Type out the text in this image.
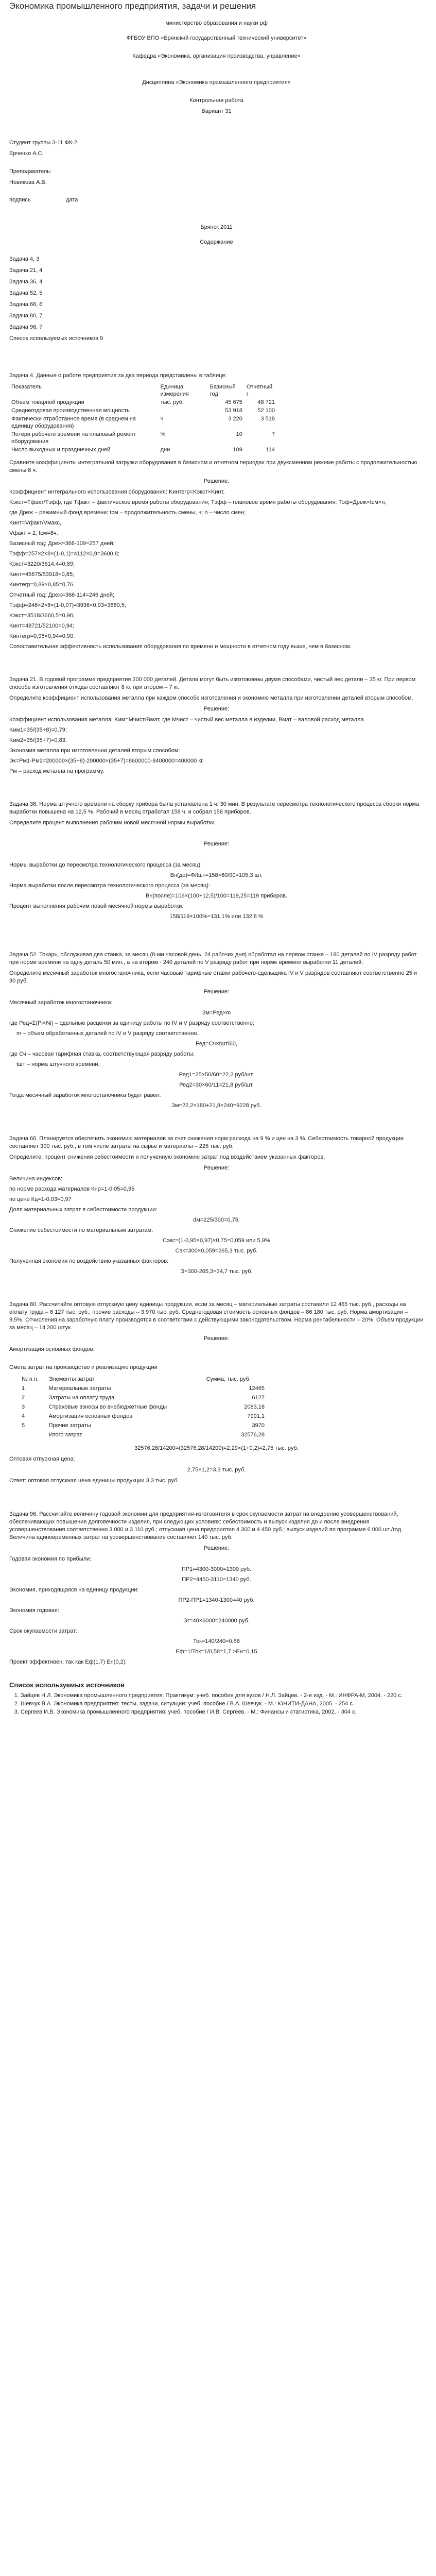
Экономика промышленного предприятия, задачи и решения

министерство образования и науки рф

ФГБОУ ВПО «Брянский государственный технический университет»

Кафедра «Экономика, организация производства, управление»

Дисциплина «Экономика промышленного предприятия»

Контрольная работа

Вариант 31

Студент группы 3-11 ФК-2

Ерченко А.С.

Преподаватель:

Новикова А.В.

подпись	дата

Брянск 2011

Содержание

Задача 4, 3
Задача 21, 4
Задача 36, 4
Задача 52, 5
Задача 66, 6
Задача 80, 7
Задача 96, 7
Список используемых источников 9

Задача 4. Данные о работе предприятия за два периода представлены в таблице:

Показатель	Единица измерения	Базисный год	Отчетный г
Объем товарной продукции	тыс. руб.	45 675	48 721
Среднегодовая производственная мощность		53 918	52 100
Фактически отработанное время (в среднем на единицу оборудования)	ч	3 220	3 518
Потери рабочего времени на плановый ремонт оборудования	%	10	7
Число выходных и праздничных дней	дни	109	114

Сравните коэффициенты интегральной загрузки оборудования в базисном и отчетном периодах при двухсменном режиме работы с продолжительностью смены 8 ч.

Решение:

Коэффициент интегрального использования оборудования: Kинтегр=Kэкст×Kинт,

Kэкст=Тфакт/Тэфф, где Тфакт – фактическое время работы оборудования; Тэфф – плановое время работы оборудования; Тэф=Дреж×tсм×n,

где Дреж – режимный фонд времени; tсм – продолжительность смены, ч; n – число смен;

Kинт=Vфакт/Vмакс,

Vфакт = 2, tсм=8ч.

Базисный год: Дреж=366-109=257 дней;

Тэфф=257×2×8×(1-0,1)=4112×0,9=3600,8;

Kэкст=3220/3614,4=0,89;

Kинт=45675/53918=0,85;

Kинтегр=0,89×0,85=0,76.

Отчетный год: Дреж=366-114=246 дней;

Тэфф=246×2×8×(1-0,07)=3936×0,93=3660,5;

Kэкст=3518/3660,5=0,96;

Kинт=48721/52100=0,94;

Kинтегр=0,96×0,94=0,90.

Сопоставительная эффективность использования оборудования по времени и мощности в отчетном году выше, чем в базисном.

Задача 21. В годовой программе предприятия 200 000 деталей. Детали могут быть изготовлены двумя способами, чистый вес детали – 35 кг. При первом способе изготовления отходы составляют 8 кг, при втором – 7 кг.

Определите коэффициент использования металла при каждом способе изготовления и экономию металла при изготовлении деталей вторым способом.

Решение:

Коэффициент использования металла: Kим=Mчист/Bмат, где Mчист – чистый вес металла в изделии, Bмат – валовой расход металла.

Kим1=35/(35+8)=0,79;

Kим2=35/(35+7)=0,83.

Экономия металла при изготовлении деталей вторым способом:

Эк=Рм1-Рм2=200000×(35+8)-200000×(35+7)=8600000-8400000=400000 кг.

Рм – расход металла на программу.

Задача 36. Норма штучного времени на сборку прибора была установлена 1 ч. 30 мин. В результате пересмотра технологического процесса сборки норма выработки повышена на 12,5 %. Рабочий в месяц отработал 158 ч. и собрал 158 приборов.

Определите процент выполнения рабочим новой месячной нормы выработки.

Решение:

Нормы выработки до пересмотра технологического процесса (за месяц):

Вн(до)=Ф/tшт=158×60/90=105,3 шт.

Норма выработки после пересмотра технологического процесса (за месяц):

Вн(после)=106×(100+12,5)/100=119,25=119 приборов.

Процент выполнения рабочим новой месячной нормы выработки:

158/119×100%=131,1% или 132,8 %

Задача 52. Токарь, обслуживая два станка, за месяц (8-ми часовой день, 24 рабочих дня) обработал на первом станке – 180 деталей по IV разряду работ при норме времени на одну деталь 50 мин., а на втором - 240 деталей по V разряду работ при норме времени выработки 11 деталей.

Определите месячный заработок многостаночника, если часовые тарифные ставки рабочего-сдельщика IV и V разрядов составляют соответственно 25 и 30 руб.

Решение:

Месячный заработок многостаночника:

Зм=Ред×m

где Ред=Σ(Pi×Ni) – сдельные расценки за единицу работы по IV и V разряду соответственно;

m – объем обработанных деталей по IV и V разряду соответственно.

Ред=Сч×tшт/60,

где Сч – часовая тарифная ставка, соответствующая разряду работы;

tшт – норма штучного времени.

Ред1=25×50/60=22,2 руб/шт.

Ред2=30×60/11=21,8 руб/шт.

Тогда месячный заработок многостаночника будет равен:

Зм=22,2×180+21,8×240=9228 руб.

Задача 66. Планируется обеспечить экономию материалов за счет снижения норм расхода на 9 % и цен на 3 %. Себестоимость товарной продукции составляет 300 тыс. руб., в том числе затраты на сырье и материалы – 225 тыс. руб.

Определите: процент снижения себестоимости и полученную экономию затрат под воздействием указанных факторов.

Решение:

Величина индексов:

по норме расхода материалов Кнр=1-0,05=0,95

по цене Кц=1-0,03=0,97

Доля материальных затрат в себестоимости продукции:

dм=225/300=0,75.

Снижение себестоимости по материальным затратам:

Сэкс=(1-0,95×0,97)×0,75=0,059 или 5,9%

Сэк=300×0,059=265,3 тыс. руб.

Полученная экономия по воздействию указанных факторов:

Э=300-265,3=34,7 тыс. руб.

Задача 80. Рассчитайте оптовую отпускную цену единицы продукции, если за месяц – материальные затраты составили 12 465 тыс. руб., расходы на оплату труда – 6 127 тыс. руб., прочие расходы – 3 970 тыс. руб. Среднегодовая стоимость основных фондов – 86 180 тыс. руб. Норма амортизации – 9,5%. Отчисления на заработную плату производятся в соответствии с действующими законодательством. Норма рентабельности – 20%. Объем продукции за месяц – 14 200 штук.

Решение:

Амортизация основных фондов:

Смета затрат на производство и реализацию продукции

№ п.п.	Элементы затрат	Сумма, тыс. руб.
1	Материальные затраты	12465
2	Затраты на оплату труда	6127
3	Страховые взносы во внебюджетные фонды	2083,18
4	Амортизация основных фондов	7991,1
5	Прочие затраты	3970
	Итого затрат	32576,28

32576,28/14200=(32576,28/14200)=2,29×(1+0,2)=2,75 тыс. руб.

Оптовая отпускная цена:

2,75×1,2=3,3 тыс. руб.

Ответ: оптовая отпускная цена единицы продукции 3,3 тыс. руб.

Задача 96. Рассчитайте величину годовой экономии для предприятия-изготовителя в срок окупаемости затрат на внедрение усовершенствований, обеспечивающих повышение долговечности изделия, при следующих условиях: себестоимость и выпуск изделия до и после внедрения усовершенствования соответственно 3 000 и 3 110 руб.; отпускная цена предприятия 4 300 и 4 450 руб.; выпуск изделий по программе 6 000 шт./год. Величина единовременных затрат на усовершенствование составляет 140 тыс. руб.

Решение:

Годовая экономия по прибыли:

ПР1=4300-3000=1300 руб.

ПР2=4450-3110=1340 руб.

Экономия, приходящаяся на единицу продукции:

ПР2-ПР1=1340-1300=40 руб.

Экономия годовая:

Эг=40×6000=240000 руб.

Срок окупаемости затрат:

Ток=140/240=0,58

Еф=1/Ток=1/0,58=1,7 >Ен=0,15

Проект эффективен, так как Еф(1,7) Ен(0,2).

Список используемых источников
1. Зайцев Н.Л. Экономика промышленного предприятия: Практикум: учеб. пособие для вузов / Н.Л. Зайцев. - 2-е изд. - М.: ИНФРА-М, 2004. - 220 с.
2. Шевчук В.А. Экономика предприятия: тесты, задачи, ситуации: учеб. пособие / В.А. Шевчук. - М.: ЮНИТИ-ДАНА, 2005. - 254 с.
3. Сергеев И.В. Экономика промышленного предприятия: учеб. пособие / И.В. Сергеев. - М.: Финансы и статистика, 2002. - 304 с.
